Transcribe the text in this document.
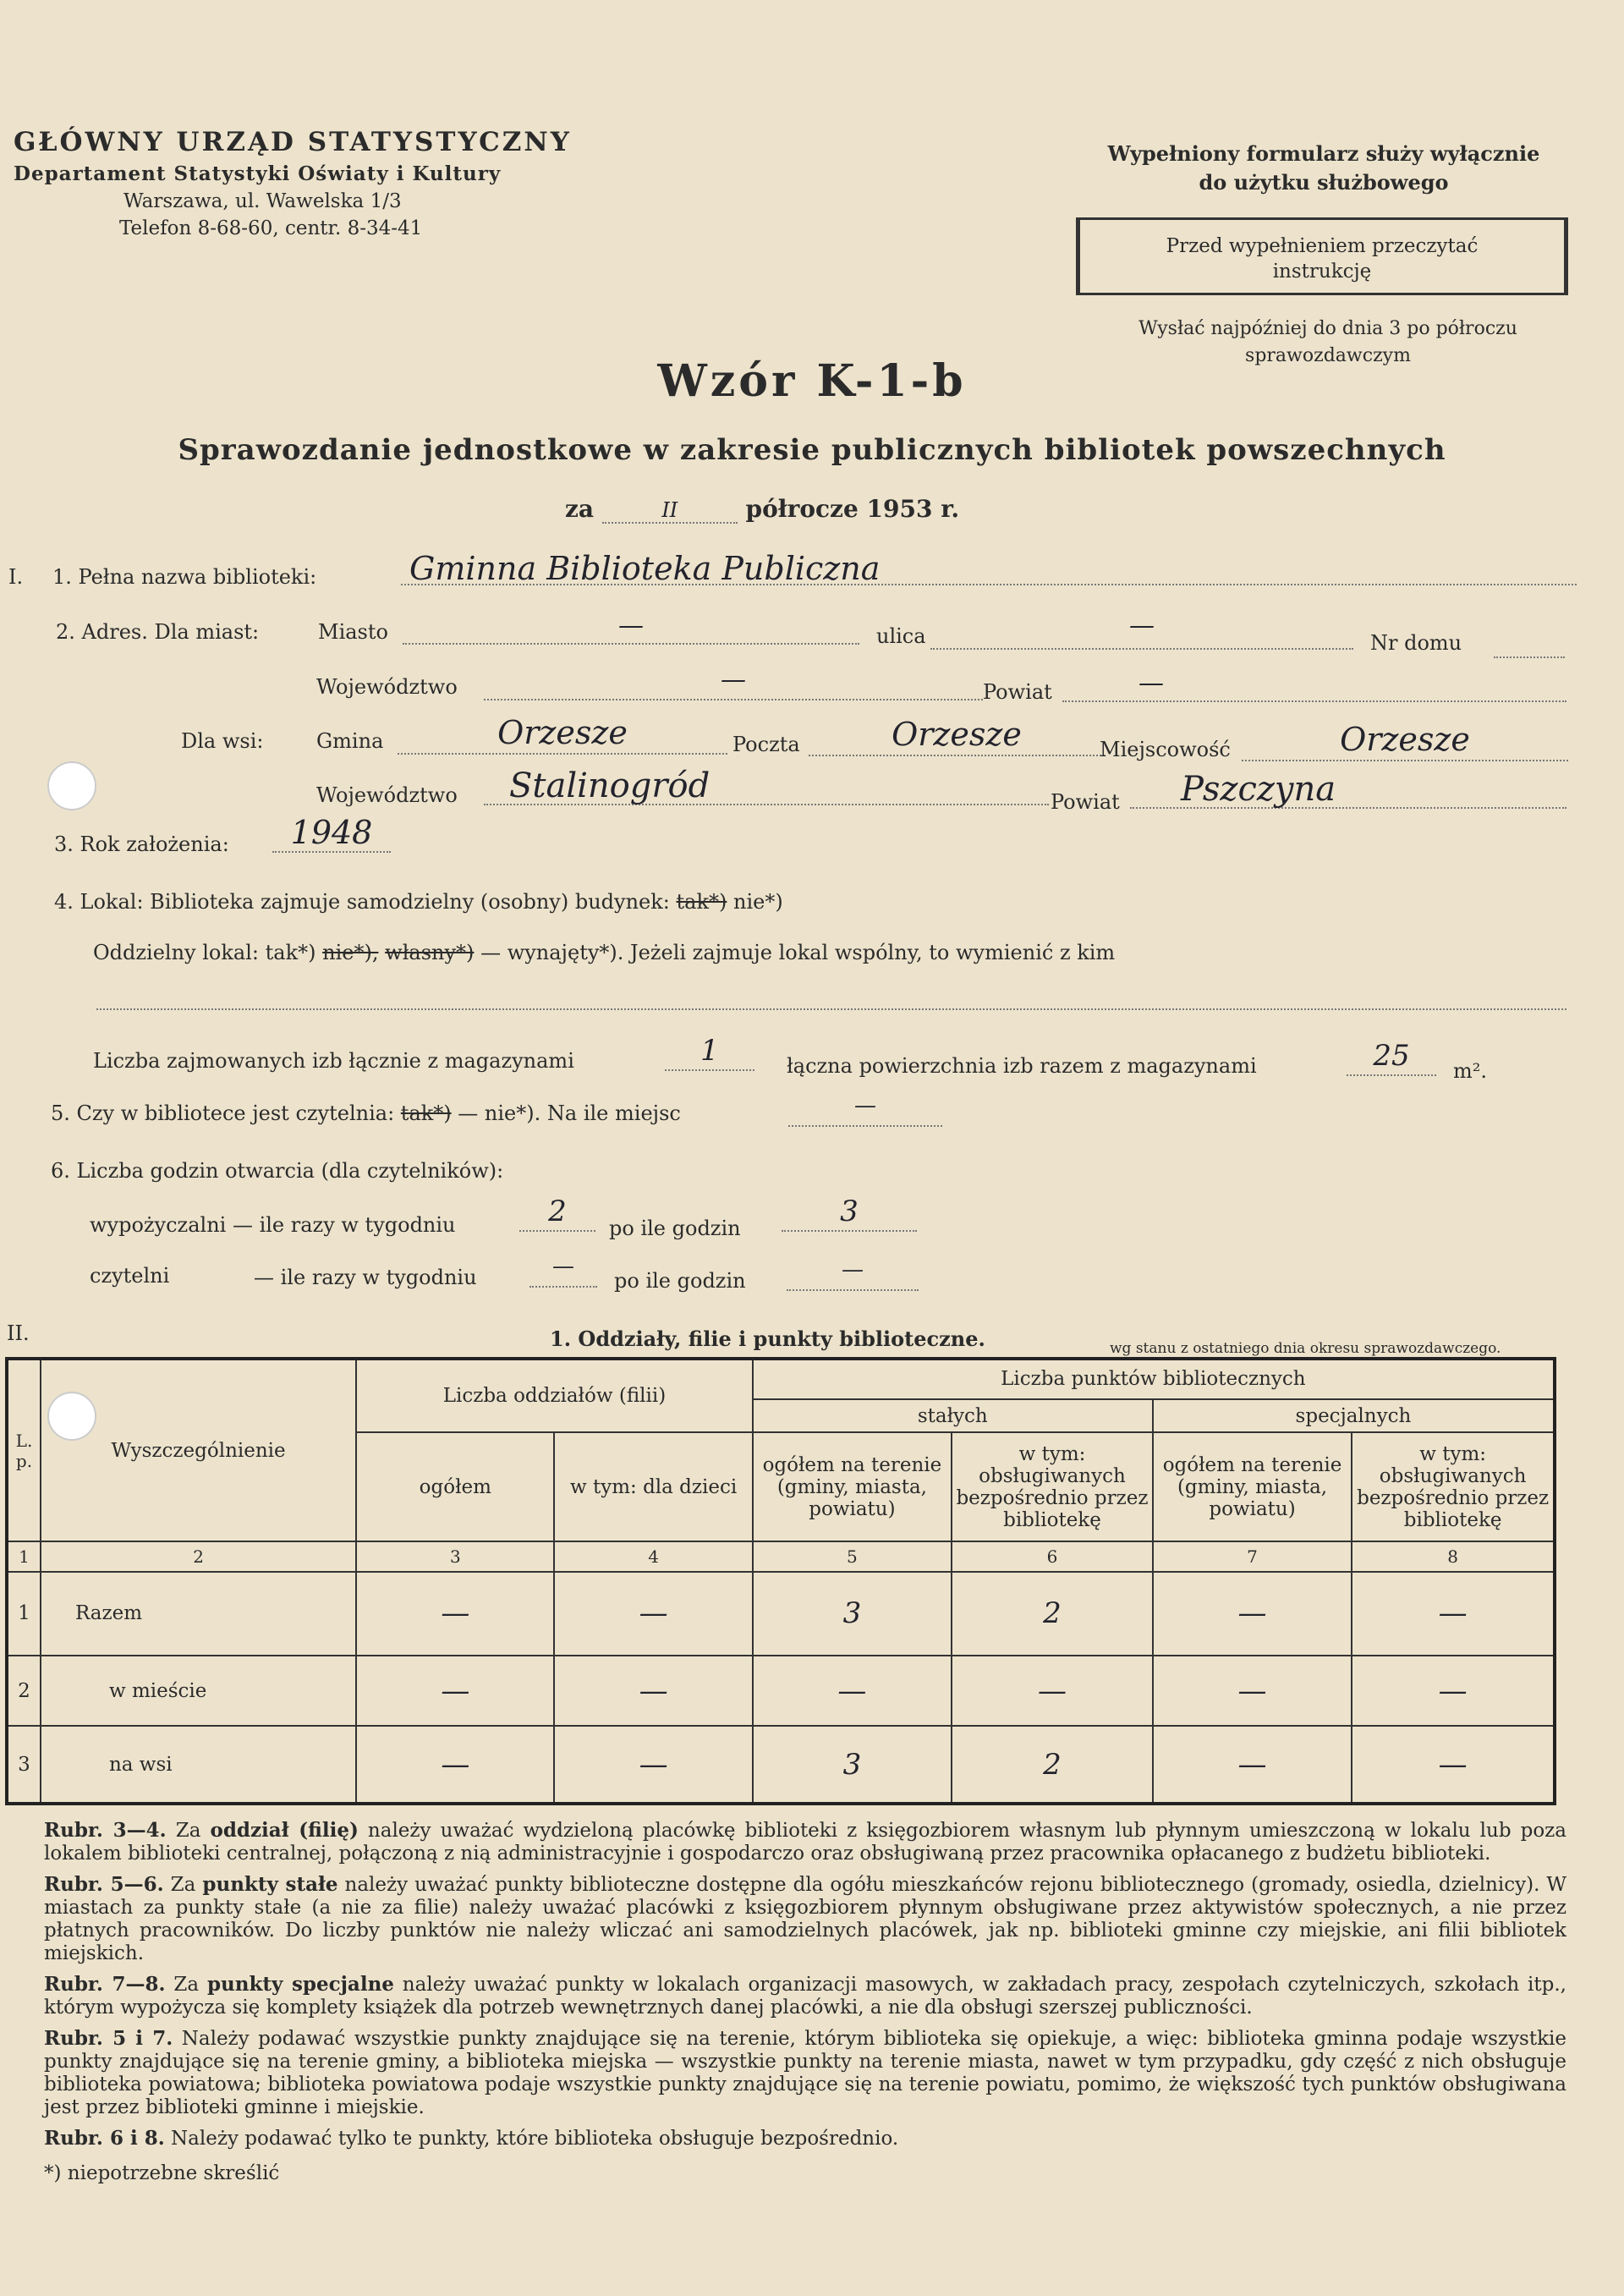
GŁÓWNY URZĄD STATYSTYCZNY
Departament Statystyki Oświaty i Kultury
Warszawa, ul. Wawelska 1/3
Telefon 8-68-60, centr. 8-34-41
Wypełniony formularz służy wyłącznie
do użytku służbowego
Przed wypełnieniem przeczytać
instrukcję
Wysłać najpóźniej do dnia 3 po półroczu
sprawozdawczym
Wzór K-1-b
Sprawozdanie jednostkowe w zakresie publicznych bibliotek powszechnych
za	II	półrocze 1953 r.
I. 1. Pełna nazwa biblioteki:	Gminna Biblioteka Publiczna
2. Adres. Dla miast:	Miasto	—	ulica	—
Nr domu
Województwo	—	Powiat	—
Dla wsi:	Gmina	Orzesze	Poczta	Orzesze	Miejscowość	Orzesze
Województwo	Stalinogród	Powiat	Pszczyna
3. Rok założenia:	1948
4. Lokal: Biblioteka zajmuje samodzielny (osobny) budynek: tak*) nie*)
Oddzielny lokal: tak*) nie*), własny*) — wynajęty*). Jeżeli zajmuje lokal wspólny, to wymienić z kim
Liczba zajmowanych izb łącznie z magazynami	1	łączna powierzchnia izb razem z magazynami	25	m².
5. Czy w bibliotece jest czytelnia: tak*) — nie*). Na ile miejsc	—
6. Liczba godzin otwarcia (dla czytelników):
wypożyczalni — ile razy w tygodniu	2	po ile godzin	3
czytelni	— ile razy w tygodniu	—
po ile godzin	—
II.	1. Oddziały, filie i punkty biblioteczne.	wg stanu z ostatniego dnia okresu sprawozdawczego.
L. p.	Wyszczególnienie	Liczba oddziałów (filii)		Liczba punktów bibliotecznych			
				stałych		specjalnych	
		ogółem	w tym: dla dzieci	ogółem na terenie (gminy, miasta, powiatu)	w tym: obsługiwanych bezpośrednio przez bibliotekę	ogółem na terenie (gminy, miasta, powiatu)	w tym: obsługiwanych bezpośrednio przez bibliotekę
1	2	3	4	5	6	7	8
1	Razem	—	—	3	2	—	—
2	w mieście	—	—	—	—	—	—
3	na wsi	—	—	3	2	—	—

Rubr. 3—4. Za oddział (filię) należy uważać wydzieloną placówkę biblioteki z księgozbiorem własnym lub płynnym umieszczoną w lokalu lub poza lokalem biblioteki centralnej, połączoną z nią administracyjnie i gospodarczo oraz obsługiwaną przez pracownika opłacanego z budżetu biblioteki.

Rubr. 5—6. Za punkty stałe należy uważać punkty biblioteczne dostępne dla ogółu mieszkańców rejonu bibliotecznego (gromady, osiedla, dzielnicy). W miastach za punkty stałe (a nie za filie) należy uważać placówki z księgozbiorem płynnym obsługiwane przez aktywistów społecznych, a nie przez płatnych pracowników. Do liczby punktów nie należy wliczać ani samodzielnych placówek, jak np. biblioteki gminne czy miejskie, ani filii bibliotek miejskich.

Rubr. 7—8. Za punkty specjalne należy uważać punkty w lokalach organizacji masowych, w zakładach pracy, zespołach czytelniczych, szkołach itp., którym wypożycza się komplety książek dla potrzeb wewnętrznych danej placówki, a nie dla obsługi szerszej publiczności.

Rubr. 5 i 7. Należy podawać wszystkie punkty znajdujące się na terenie, którym biblioteka się opiekuje, a więc: biblioteka gminna podaje wszystkie punkty znajdujące się na terenie gminy, a biblioteka miejska — wszystkie punkty na terenie miasta, nawet w tym przypadku, gdy część z nich obsługuje biblioteka powiatowa; biblioteka powiatowa podaje wszystkie punkty znajdujące się na terenie powiatu, pomimo, że większość tych punktów obsługiwana jest przez biblioteki gminne i miejskie.

Rubr. 6 i 8. Należy podawać tylko te punkty, które biblioteka obsługuje bezpośrednio.

*) niepotrzebne skreślić
